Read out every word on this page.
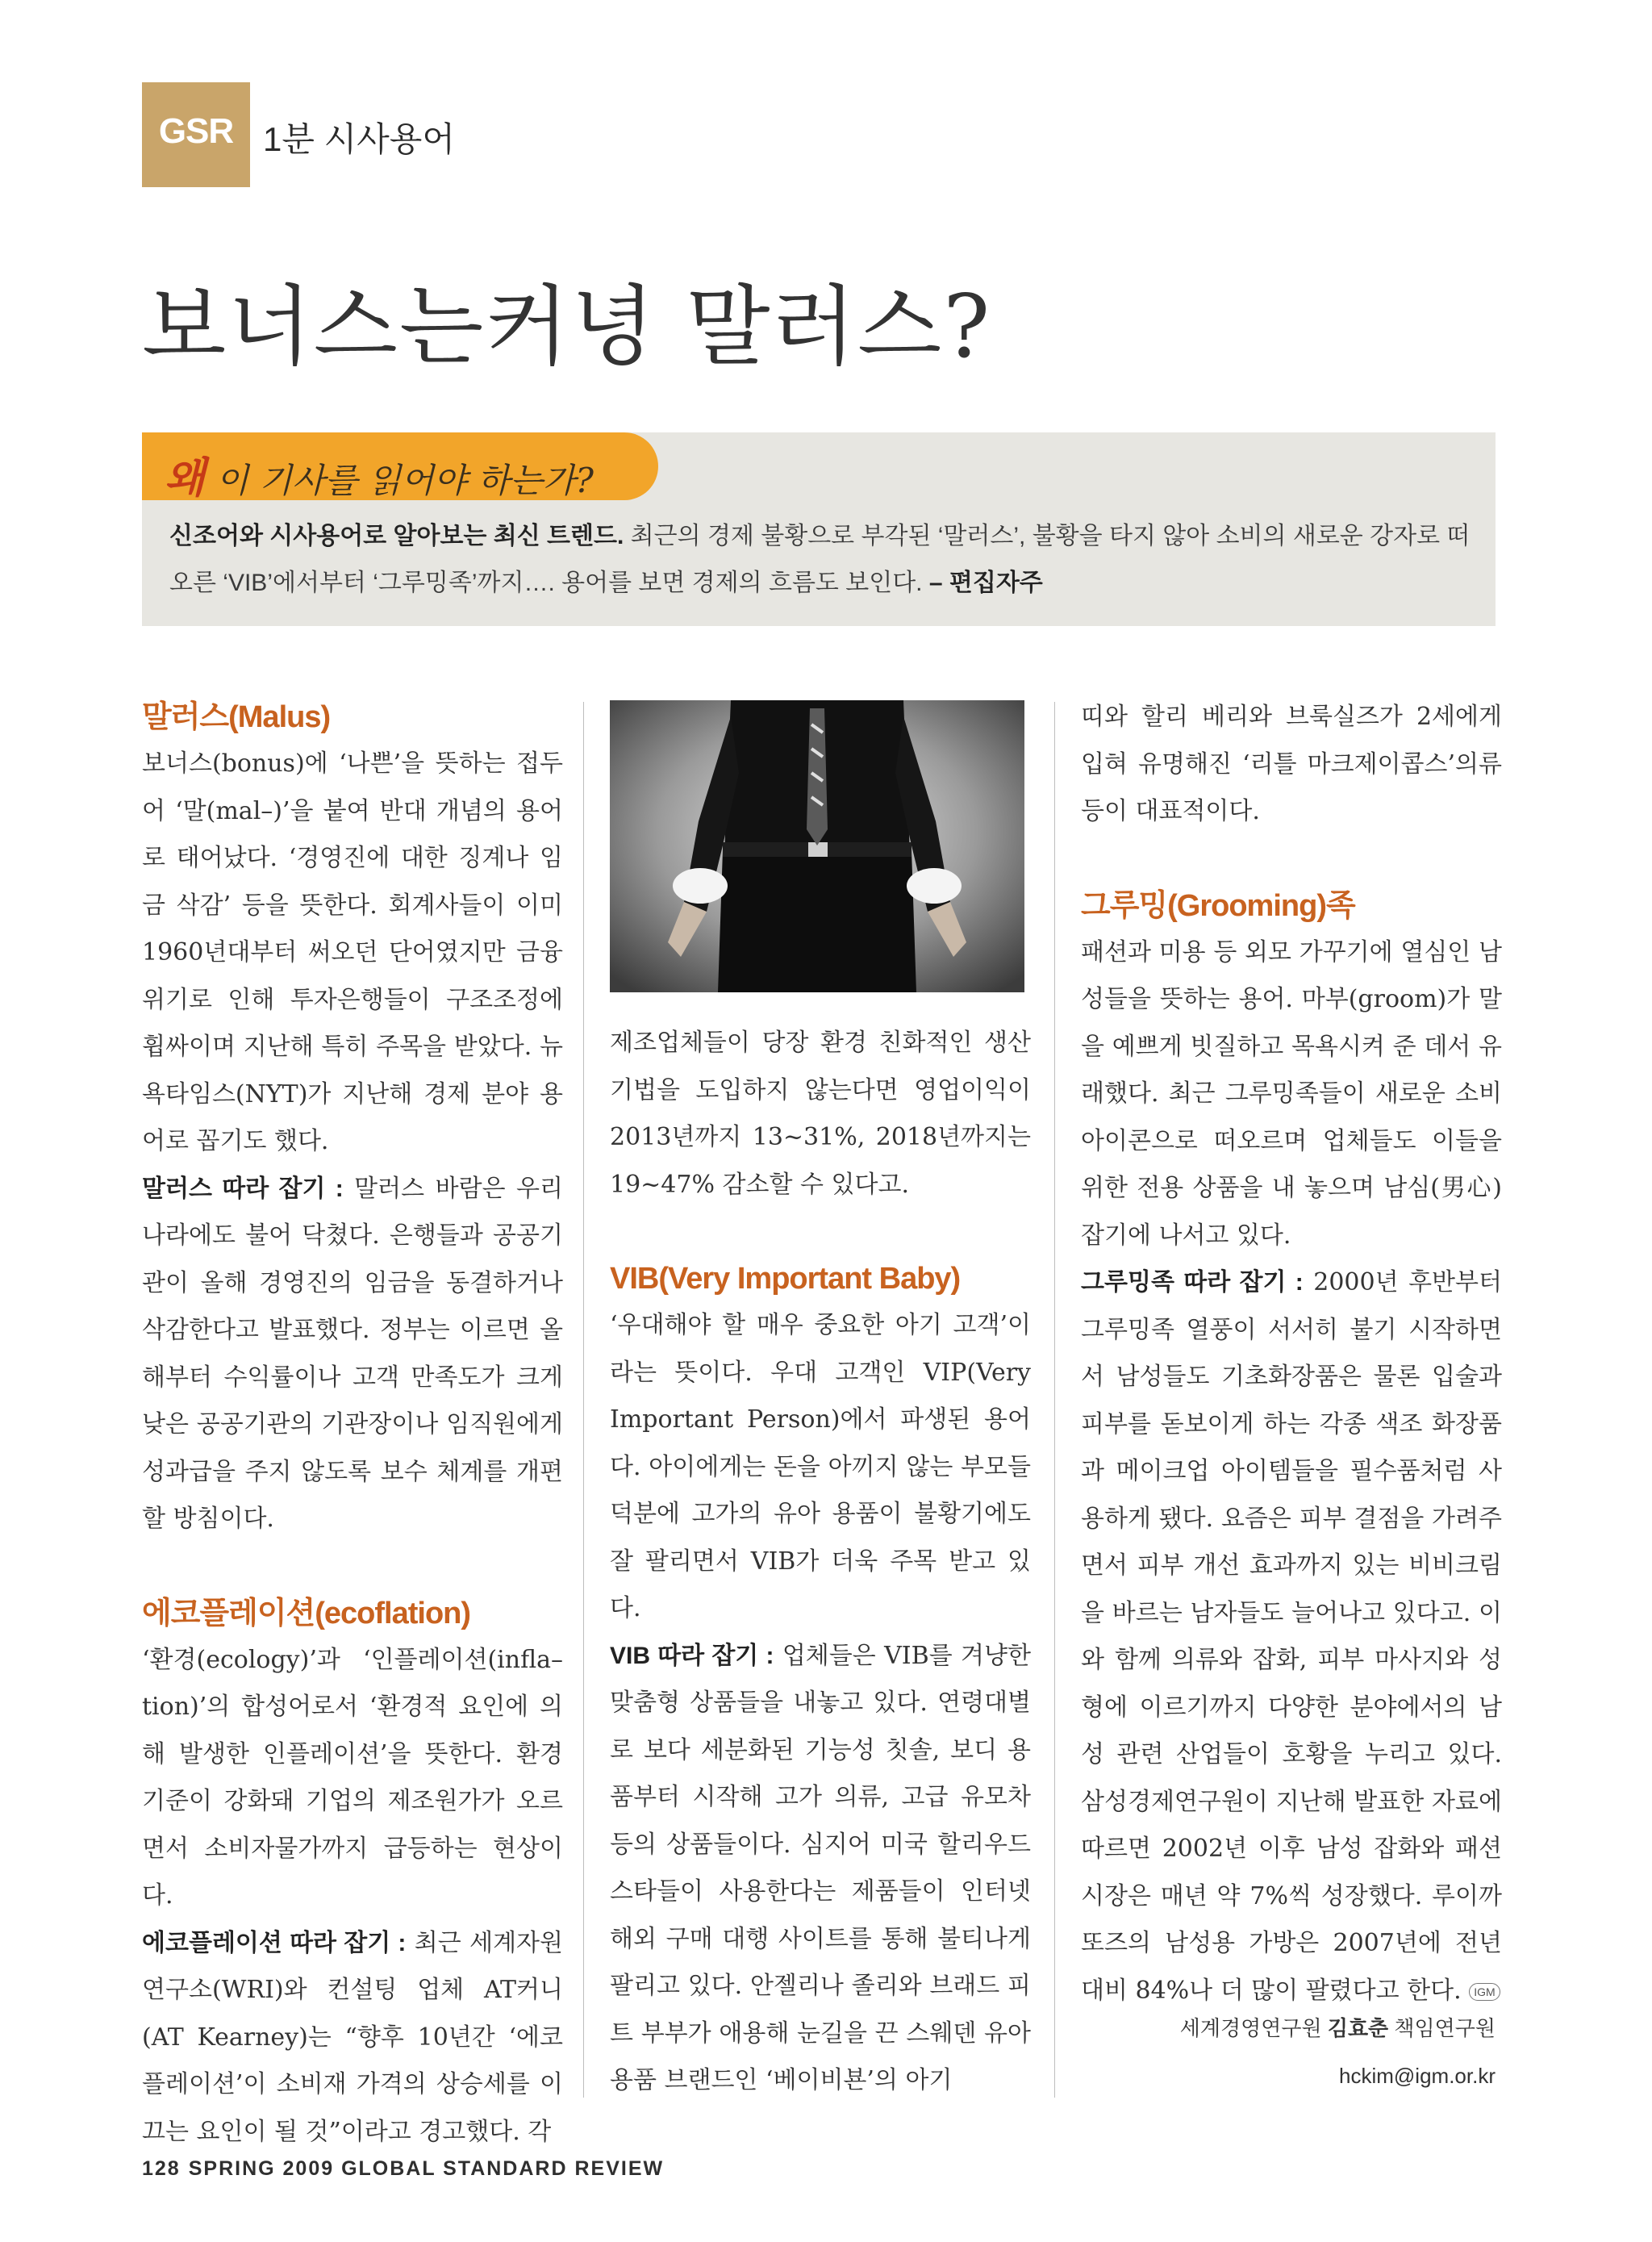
GSR 1분 시사용어
보너스는커녕 말러스?
왜 이 기사를 읽어야 하는가?
신조어와 시사용어로 알아보는 최신 트렌드. 최근의 경제 불황으로 부각된 ‘말러스’, 불황을 타지 않아 소비의 새로운 강자로 떠오른 ‘VIB’에서부터 ‘그루밍족’까지…. 용어를 보면 경제의 흐름도 보인다. – 편집자주
말러스(Malus)

보너스(bonus)에 ‘나쁜’을 뜻하는 접두어 ‘말(mal–)’을 붙여 반대 개념의 용어로 태어났다. ‘경영진에 대한 징계나 임금 삭감’ 등을 뜻한다. 회계사들이 이미 1960년대부터 써오던 단어였지만 금융위기로 인해 투자은행들이 구조조정에 휩싸이며 지난해 특히 주목을 받았다. 뉴욕타임스(NYT)가 지난해 경제 분야 용어로 꼽기도 했다.

말러스 따라 잡기 : 말러스 바람은 우리나라에도 불어 닥쳤다. 은행들과 공공기관이 올해 경영진의 임금을 동결하거나 삭감한다고 발표했다. 정부는 이르면 올해부터 수익률이나 고객 만족도가 크게 낮은 공공기관의 기관장이나 임직원에게 성과급을 주지 않도록 보수 체계를 개편할 방침이다.

에코플레이션(ecoflation)

‘환경(ecology)’과 ‘인플레이션(infla–tion)’의 합성어로서 ‘환경적 요인에 의해 발생한 인플레이션’을 뜻한다. 환경 기준이 강화돼 기업의 제조원가가 오르면서 소비자물가까지 급등하는 현상이다.

에코플레이션 따라 잡기 : 최근 세계자원연구소(WRI)와 컨설팅 업체 AT커니(AT Kearney)는 “향후 10년간 ‘에코플레이션’이 소비재 가격의 상승세를 이끄는 요인이 될 것”이라고 경고했다. 각

제조업체들이 당장 환경 친화적인 생산기법을 도입하지 않는다면 영업이익이 2013년까지 13~31%, 2018년까지는 19~47% 감소할 수 있다고.

VIB(Very Important Baby)

‘우대해야 할 매우 중요한 아기 고객’이라는 뜻이다. 우대 고객인 VIP(Very Important Person)에서 파생된 용어다. 아이에게는 돈을 아끼지 않는 부모들 덕분에 고가의 유아 용품이 불황기에도 잘 팔리면서 VIB가 더욱 주목 받고 있다.

VIB 따라 잡기 : 업체들은 VIB를 겨냥한 맞춤형 상품들을 내놓고 있다. 연령대별로 보다 세분화된 기능성 칫솔, 보디 용품부터 시작해 고가 의류, 고급 유모차 등의 상품들이다. 심지어 미국 할리우드 스타들이 사용한다는 제품들이 인터넷 해외 구매 대행 사이트를 통해 불티나게 팔리고 있다. 안젤리나 졸리와 브래드 피트 부부가 애용해 눈길을 끈 스웨덴 유아용품 브랜드인 ‘베이비뵨’의 아기

띠와 할리 베리와 브룩실즈가 2세에게 입혀 유명해진 ‘리틀 마크제이콥스’의류 등이 대표적이다.

그루밍(Grooming)족

패션과 미용 등 외모 가꾸기에 열심인 남성들을 뜻하는 용어. 마부(groom)가 말을 예쁘게 빗질하고 목욕시켜 준 데서 유래했다. 최근 그루밍족들이 새로운 소비 아이콘으로 떠오르며 업체들도 이들을 위한 전용 상품을 내 놓으며 남심(男心) 잡기에 나서고 있다.

그루밍족 따라 잡기 : 2000년 후반부터 그루밍족 열풍이 서서히 불기 시작하면서 남성들도 기초화장품은 물론 입술과 피부를 돋보이게 하는 각종 색조 화장품과 메이크업 아이템들을 필수품처럼 사용하게 됐다. 요즘은 피부 결점을 가려주면서 피부 개선 효과까지 있는 비비크림을 바르는 남자들도 늘어나고 있다고. 이와 함께 의류와 잡화, 피부 마사지와 성형에 이르기까지 다양한 분야에서의 남성 관련 산업들이 호황을 누리고 있다. 삼성경제연구원이 지난해 발표한 자료에 따르면 2002년 이후 남성 잡화와 패션 시장은 매년 약 7%씩 성장했다. 루이까또즈의 남성용 가방은 2007년에 전년 대비 84%나 더 많이 팔렸다고 한다. IGM

세계경영연구원 김효춘 책임연구원
hckim@igm.or.kr
128 SPRING 2009 GLOBAL STANDARD REVIEW
